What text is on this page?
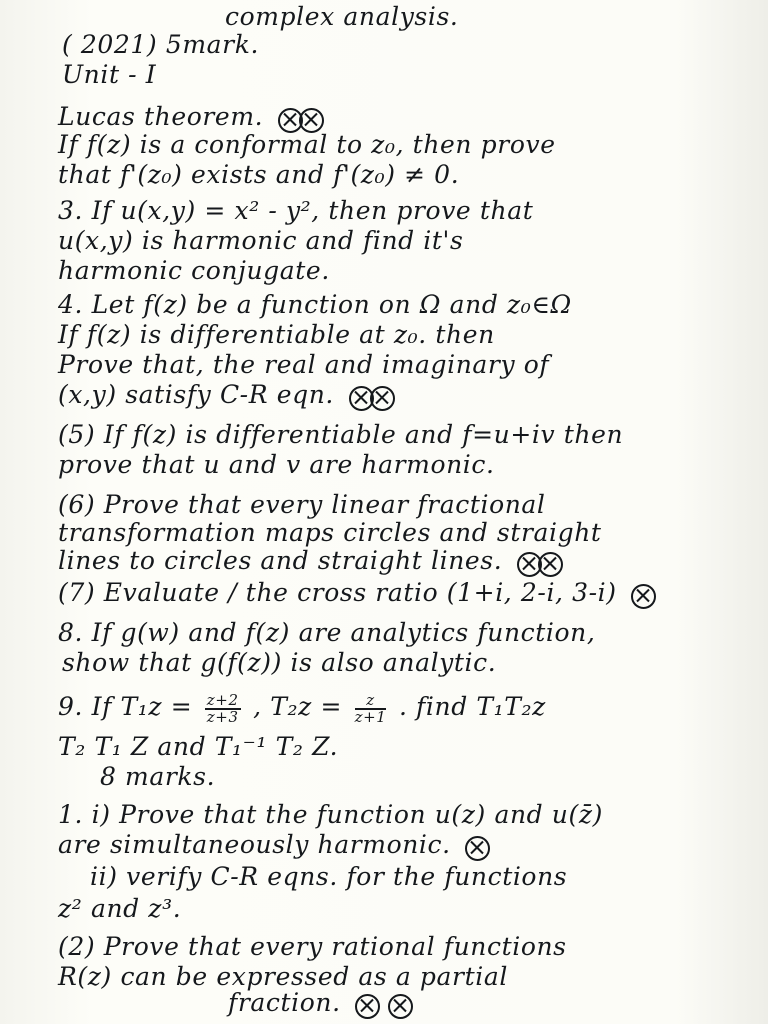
complex analysis.
( 2021) 5mark.
Unit - I
Lucas theorem.
If f(z) is a conformal to z₀, then prove
that f'(z₀) exists and f'(z₀) ≠ 0.
3. If u(x,y) = x² - y², then prove that
u(x,y) is harmonic and find it's
harmonic conjugate.
4. Let f(z) be a function on Ω and z₀∈Ω
If f(z) is differentiable at z₀. then
Prove that, the real and imaginary of
(x,y) satisfy C-R eqn.
(5) If f(z) is differentiable and f=u+iv then
prove that u and v are harmonic.
(6) Prove that every linear fractional
transformation maps circles and straight
lines to circles and straight lines.
(7) Evaluate / the cross ratio (1+i, 2-i, 3-i)
8. If g(w) and f(z) are analytics function,
show that g(f(z)) is also analytic.
9. If $T_1z = \frac{z+2}{z+3}$ , $T_2z = \frac{z}{z+1}$ . find T₁T₂z
T₂ T₁ Z and T₁⁻¹ T₂ Z.
8 marks.
1. i) Prove that the function u(z) and u(z̄)
are simultaneously harmonic.
ii) verify C-R eqns. for the functions
z² and z³.
(2) Prove that every rational functions
R(z) can be expressed as a partial
fraction.
